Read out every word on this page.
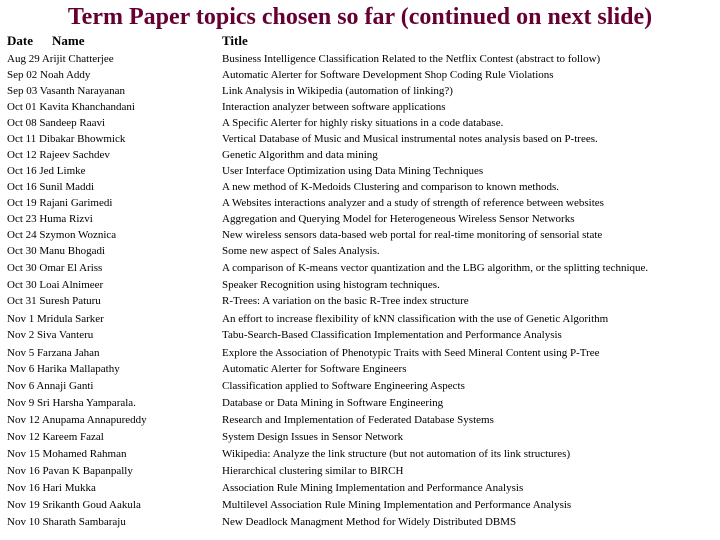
Term Paper topics chosen so far (continued on next slide)
Date Name	Title
Aug 29 Arijit Chatterjee	Business Intelligence Classification Related to the Netflix Contest (abstract to follow)
Sep 02 Noah Addy	Automatic Alerter for Software Development Shop Coding Rule Violations
Sep 03 Vasanth Narayanan	Link Analysis in Wikipedia (automation of linking?)
Oct 01 Kavita Khanchandani	Interaction analyzer between software applications
Oct 08 Sandeep Raavi	A Specific Alerter for highly risky situations in a code database.
Oct 11 Dibakar Bhowmick	Vertical Database of Music and Musical instrumental notes analysis based on P-trees.
Oct 12 Rajeev Sachdev	Genetic Algorithm and data mining
Oct 16 Jed Limke	User Interface Optimization using Data Mining Techniques
Oct 16 Sunil Maddi	A new method of K-Medoids Clustering and comparison to known methods.
Oct 19 Rajani Garimedi	A Websites interactions analyzer and a study of strength of reference between websites
Oct 23 Huma Rizvi	Aggregation and Querying Model for Heterogeneous Wireless Sensor Networks
Oct 24 Szymon Woznica	New wireless sensors data-based web portal for real-time monitoring of sensorial state
Oct 30 Manu Bhogadi	Some new aspect of Sales Analysis.
Oct 30 Omar El Ariss	A comparison of K-means vector quantization and the LBG algorithm, or the splitting technique.
Oct 30 Loai Alnimeer	Speaker Recognition using histogram techniques.
Oct 31 Suresh Paturu	R-Trees: A variation on the basic R-Tree index structure
Nov 1 Mridula Sarker	An effort to increase flexibility of kNN classification with the use of Genetic Algorithm
Nov 2 Siva Vanteru	Tabu-Search-Based Classification Implementation and Performance Analysis
Nov 5 Farzana Jahan	Explore the Association of Phenotypic Traits with Seed Mineral Content using P-Tree
Nov 6 Harika Mallapathy	Automatic Alerter for Software Engineers
Nov 6 Annaji Ganti	Classification applied to Software Engineering Aspects
Nov 9 Sri Harsha Yamparala.	Database or Data Mining in Software Engineering
Nov 12 Anupama Annapureddy	Research and Implementation of Federated Database Systems
Nov 12 Kareem Fazal	System Design Issues in Sensor Network
Nov 15 Mohamed Rahman	Wikipedia: Analyze the link structure (but not automation of its link structures)
Nov 16 Pavan K Bapanpally	Hierarchical clustering similar to BIRCH
Nov 16 Hari Mukka	Association Rule Mining Implementation and Performance Analysis
Nov 19 Srikanth Goud Aakula	Multilevel Association Rule Mining Implementation and Performance Analysis
Nov 10 Sharath Sambaraju	New Deadlock Managment Method for Widely Distributed DBMS
